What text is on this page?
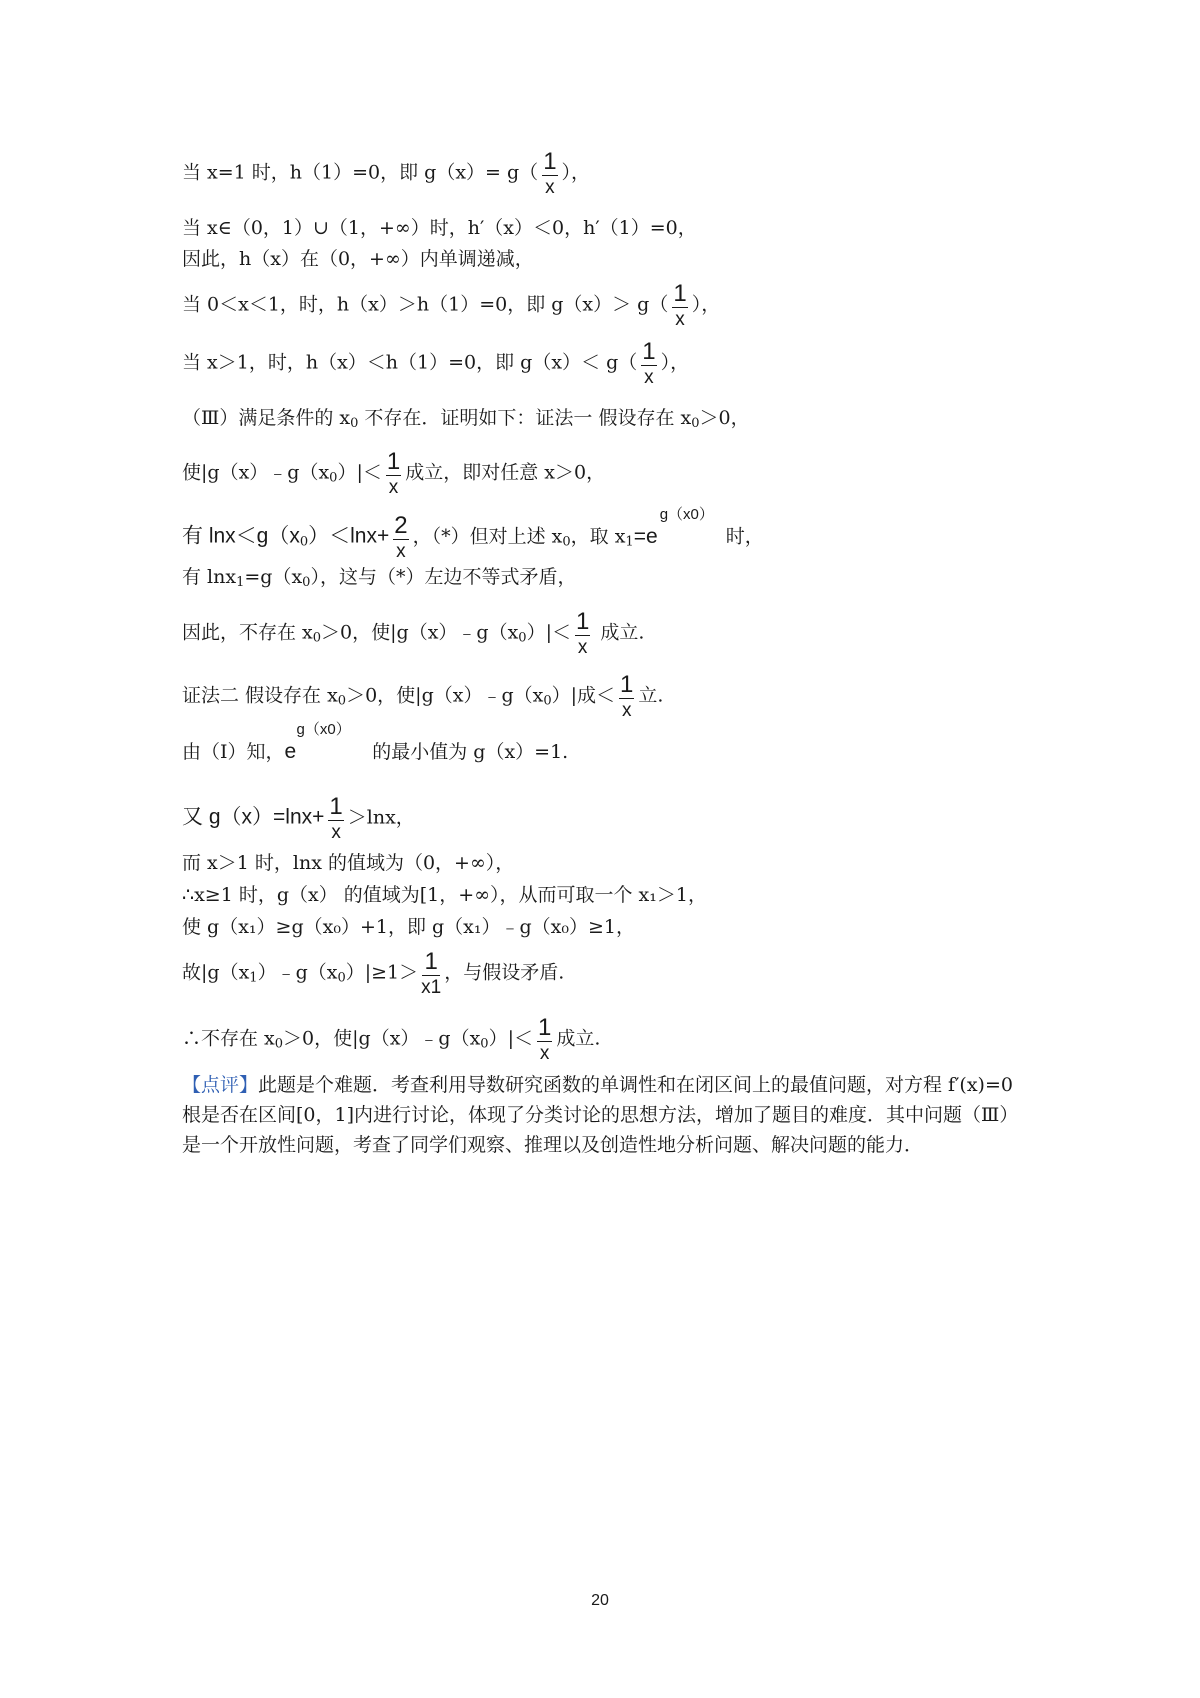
当 x=1 时，h（1）=0，即 $g(x)= g( \frac{1}{x}$ ），
当 x∈（0，1）∪（1，+∞）时，h′（x）＜0，h′（1）=0，
因此，h（x）在（0，+∞）内单调递减，
当 0＜x＜1，时，h（x）＞h（1）=0，即 $g(x)> g( \frac{1}{x}$ ），
当 x＞1，时，h（x）＜h（1）=0，即 $g(x)< g( \frac{1}{x}$ ），
（Ⅲ）满足条件的 $x_0$ 不存在．证明如下：证法一 假设存在 $x_0>0$，
使$|g(x)﹣g(x_0)|< \frac{1}{x}$ 成立，即对任意 x＞0，
有 $\ln x<g(x_0)<\ln x+ \frac{2}{x}$ ，（*）但对上述 $x_0$，取 $x_1=e$
g（x0）
时，
有 $\ln x_1=g(x_0)$，这与（*）左边不等式矛盾，
因此，不存在 $x_0>0$，使$|g(x)﹣g(x_0)|< \frac{1}{x}$ 成立.
证法二 假设存在 $x_0>0$，使$|g(x)﹣g(x_0)|$成＜ $\frac{1}{x}$ 立.
由（Ⅰ）知，e
g（x0）
的最小值为 g（x）=1.
又 $g(x)=\ln x+ \frac{1}{x} >\ln x$，
而 x＞1 时，lnx 的值域为（0，+∞），
∴x≥1 时，g（x） 的值域为[1，+∞），从而可取一个 x₁＞1，
使 g（x₁）≥g（x₀）+1，即 g（x₁）﹣g（x₀）≥1，
故$|g(x_1)﹣g(x_0)|\ge 1> \frac{1}{x1}$ ，与假设矛盾.
∴不存在 $x_0>0$，使$|g(x)﹣g(x_0)|< \frac{1}{x}$ 成立.
【点评】此题是个难题．考查利用导数研究函数的单调性和在闭区间上的最值问题，对方程 f′(x)=0 根是否在区间[0，1]内进行讨论，体现了分类讨论的思想方法，增加了题目的难度．其中问题（Ⅲ）是一个开放性问题，考查了同学们观察、推理以及创造性地分析问题、解决问题的能力．
20
